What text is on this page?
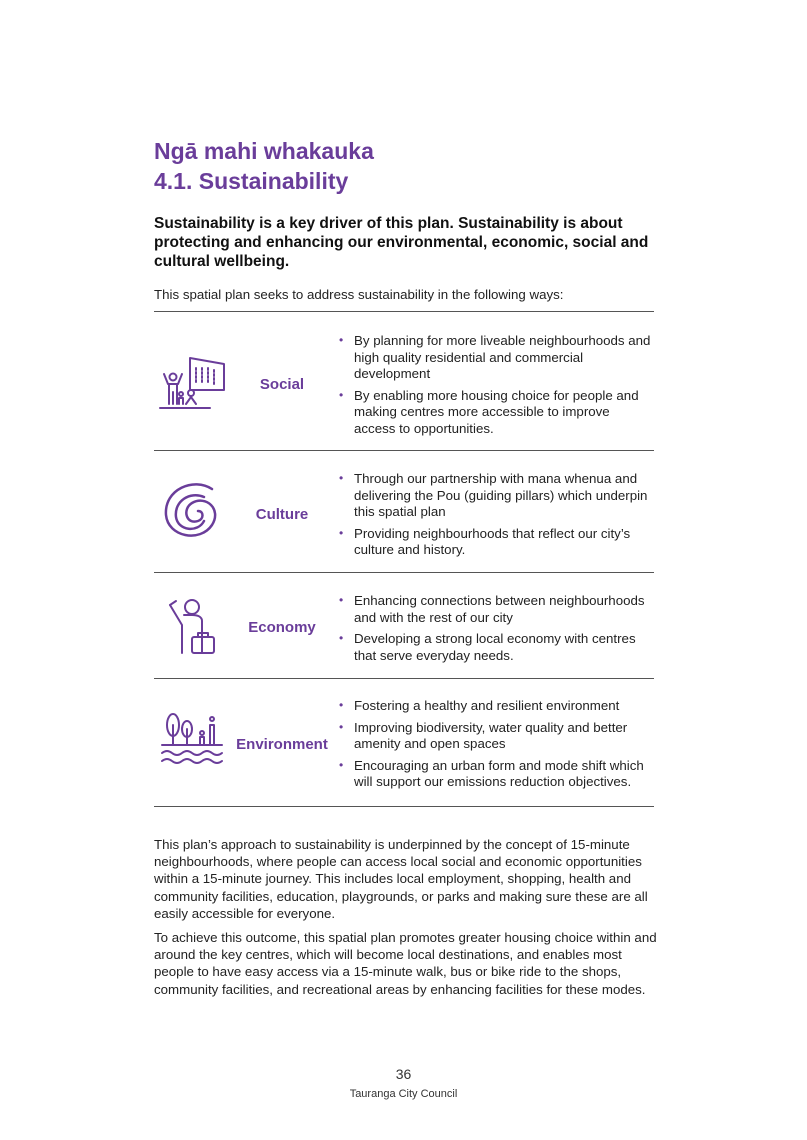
Ngā mahi whakauka
4.1. Sustainability

Sustainability is a key driver of this plan. Sustainability is about protecting and enhancing our environmental, economic, social and cultural wellbeing.

This spatial plan seeks to address sustainability in the following ways:

Social
• By planning for more liveable neighbourhoods and high quality residential and commercial development
• By enabling more housing choice for people and making centres more accessible to improve access to opportunities.
Culture
• Through our partnership with mana whenua and delivering the Pou (guiding pillars) which underpin this spatial plan
• Providing neighbourhoods that reflect our city’s culture and history.
Economy
• Enhancing connections between neighbourhoods and with the rest of our city
• Developing a strong local economy with centres that serve everyday needs.
Environment
• Fostering a healthy and resilient environment
• Improving biodiversity, water quality and better amenity and open spaces
• Encouraging an urban form and mode shift which will support our emissions reduction objectives.

This plan’s approach to sustainability is underpinned by the concept of 15-minute neighbourhoods, where people can access local social and economic opportunities within a 15-minute journey. This includes local employment, shopping, health and community facilities, education, playgrounds, or parks and making sure these are all easily accessible for everyone.

To achieve this outcome, this spatial plan promotes greater housing choice within and around the key centres, which will become local destinations, and enables most people to have easy access via a 15-minute walk, bus or bike ride to the shops, community facilities, and recreational areas by enhancing facilities for these modes.

36

Tauranga City Council
